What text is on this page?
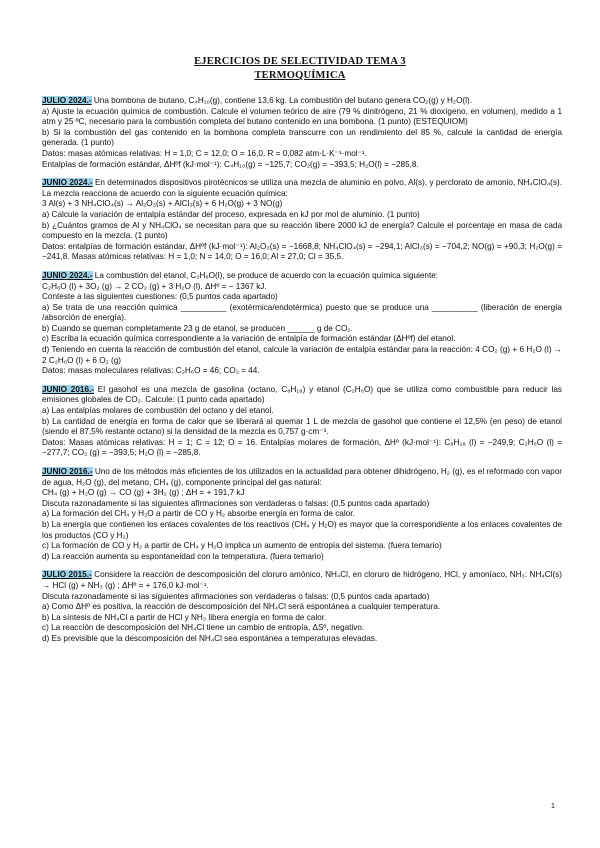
EJERCICIOS DE SELECTIVIDAD TEMA 3
TERMOQUÍMICA

JULIO 2024.- Una bombona de butano, C₄H₁₀(g), contiene 13,6 kg. La combustión del butano genera CO₂(g) y H₂O(l).

a) Ajuste la ecuación química de combustión. Calcule el volumen teórico de aire (79 % dinitrógeno, 21 % dioxígeno, en volumen), medido a 1 atm y 25 ºC, necesario para la combustión completa del butano contenido en una bombona. (1 punto) (ESTEQUIOM)

b) Si la combustión del gas contenido en la bombona completa transcurre con un rendimiento del 85 %, calcule la cantidad de energía generada. (1 punto)

Datos: masas atómicas relativas: H = 1,0; C = 12,0; O = 16,0. R = 0,082 atm·L·K⁻¹·mol⁻¹.

Entalpías de formación estándar, ΔHºf (kJ·mol⁻¹): C₄H₁₀(g) = −125,7; CO₂(g) = −393,5; H₂O(l) = −285,8.

JUNIO 2024.- En determinados dispositivos pirotécnicos se utiliza una mezcla de aluminio en polvo, Al(s), y perclorato de amonio, NH₄ClO₄(s). La mezcla reacciona de acuerdo con la siguiente ecuación química:

3 Al(s) + 3 NH₄ClO₄(s) → Al₂O₃(s) + AlCl₃(s) + 6 H₂O(g) + 3 NO(g)

a) Calcule la variación de entalpía estándar del proceso, expresada en kJ por mol de aluminio. (1 punto)

b) ¿Cuántos gramos de Al y NH₄ClO₄ se necesitan para que su reacción libere 2000 kJ de energía? Calcule el porcentaje en masa de cada compuesto en la mezcla. (1 punto)

Datos: entalpías de formación estándar, ΔHºf (kJ·mol⁻¹): Al₂O₃(s) = −1668,8; NH₄ClO₄(s) = −294,1; AlCl₃(s) = −704,2; NO(g) = +90,3; H₂O(g) = −241,8. Masas atómicas relativas: H = 1,0; N = 14,0; O = 16,0; Al = 27,0; Cl = 35,5.

JUNIO 2024.- La combustión del etanol, C₂H₆O(l), se produce de acuerdo con la ecuación química siguiente:

C₂H₆O (l) + 3O₂ (g) → 2 CO₂ (g) + 3 H₂O (l), ΔHº = − 1367 kJ.

Conteste a las siguientes cuestiones: (0,5 puntos cada apartado)

a) Se trata de una reacción química __________ (exotérmica/endotérmica) puesto que se produce una __________ (liberación de energía /absorción de energía).

b) Cuando se queman completamente 23 g de etanol, se producen ______ g de CO₂.

c) Escriba la ecuación química correspondiente a la variación de entalpía de formación estándar (ΔHºf) del etanol.

d) Teniendo en cuenta la reacción de combustión del etanol, calcule la variación de entalpía estándar para la reacción: 4 CO₂ (g) + 6 H₂O (l) → 2 C₂H₆O (l) + 6 O₂ (g)

Datos: masas moleculares relativas: C₂H₆O = 46; CO₂ = 44.

JUNIO 2016.- El gasohol es una mezcla de gasolina (octano, C₈H₁₈) y etanol (C₂H₆O) que se utiliza como combustible para reducir las emisiones globales de CO₂. Calcule: (1 punto cada apartado)

a) Las entalpías molares de combustión del octano y del etanol.

b) La cantidad de energía en forma de calor que se liberará al quemar 1 L de mezcla de gasohol que contiene el 12,5% (en peso) de etanol (siendo el 87,5% restante octano) si la densidad de la mezcla es 0,757 g·cm⁻³.

Datos: Masas atómicas relativas: H = 1; C = 12; O = 16. Entalpías molares de formación, ΔHº (kJ·mol⁻¹): C₈H₁₈ (l) = −249,9; C₂H₆O (l) = −277,7; CO₂ (g) = −393,5; H₂O (l) = −285,8.

JUNIO 2016.- Uno de los métodos más eficientes de los utilizados en la actualidad para obtener dihidrógeno, H₂ (g), es el reformado con vapor de agua, H₂O (g), del metano, CH₄ (g), componente principal del gas natural:

CH₄ (g) + H₂O (g) → CO (g) + 3H₂ (g) ; ΔH = + 191,7 kJ

Discuta razonadamente si las siguientes afirmaciones son verdaderas o falsas: (0,5 puntos cada apartado)

a) La formación del CH₄ y H₂O a partir de CO y H₂ absorbe energía en forma de calor.

b) La energía que contienen los enlaces covalentes de los reactivos (CH₄ y H₂O) es mayor que la correspondiente a los enlaces covalentes de los productos (CO y H₂)

c) La formación de CO y H₂ a partir de CH₄ y H₂O implica un aumento de entropía del sistema. (fuera temario)

d) La reacción aumenta su espontaneidad con la temperatura. (fuera temario)

JULIO 2015.- Considere la reacción de descomposición del cloruro amónico, NH₄Cl, en cloruro de hidrógeno, HCl, y amoníaco, NH₃: NH₄Cl(s) → HCl (g) + NH₃ (g) ; ΔHº = + 176,0 kJ·mol⁻¹.

Discuta razonadamente si las siguientes afirmaciones son verdaderas o falsas: (0,5 puntos cada apartado)

a) Como ΔHº es positiva, la reacción de descomposición del NH₄Cl será espontánea a cualquier temperatura.

b) La síntesis de NH₄Cl a partir de HCl y NH₃ libera energía en forma de calor.

c) La reacción de descomposición del NH₄Cl tiene un cambio de entropía, ΔSº, negativo.

d) Es previsible que la descomposición del NH₄Cl sea espontánea a temperaturas elevadas.

1
